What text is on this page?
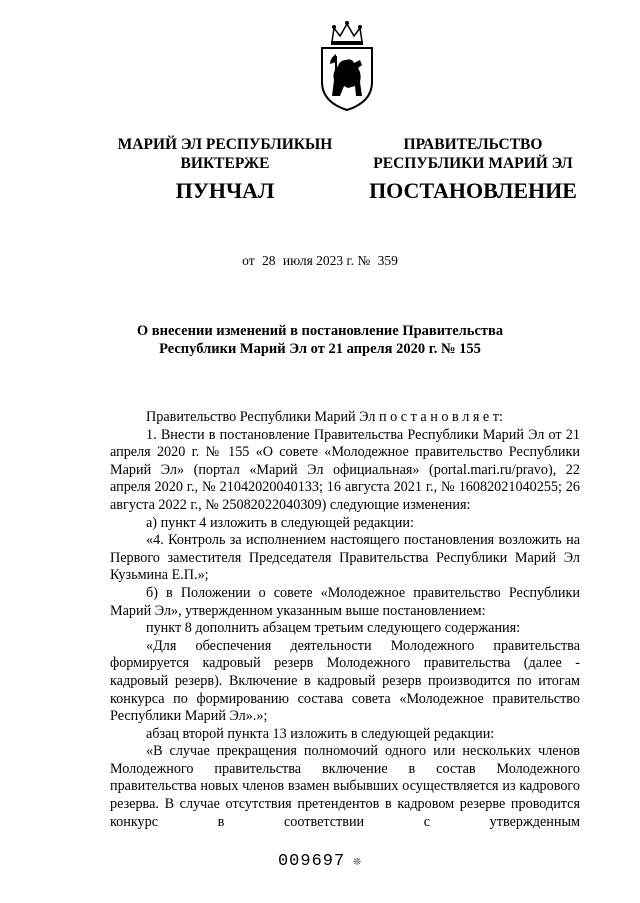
МАРИЙ ЭЛ РЕСПУБЛИКЫН
ВИКТЕРЖЕ
ПУНЧАЛ
ПРАВИТЕЛЬСТВО
РЕСПУБЛИКИ МАРИЙ ЭЛ
ПОСТАНОВЛЕНИЕ
от 28 июля 2023 г. № 359
О внесении изменений в постановление Правительства
Республики Марий Эл от 21 апреля 2020 г. № 155

Правительство Республики Марий Эл п о с т а н о в л я е т:

1. Внести в постановление Правительства Республики Марий Эл от 21 апреля 2020 г. № 155 «О совете «Молодежное правительство Республики Марий Эл» (портал «Марий Эл официальная» (portal.mari.ru/pravo), 22 апреля 2020 г., № 21042020040133; 16 августа 2021 г., № 16082021040255; 26 августа 2022 г., № 25082022040309) следующие изменения:

а) пункт 4 изложить в следующей редакции:

«4. Контроль за исполнением настоящего постановления возложить на Первого заместителя Председателя Правительства Республики Марий Эл Кузьмина Е.П.»;

б) в Положении о совете «Молодежное правительство Республики Марий Эл», утвержденном указанным выше постановлением:

пункт 8 дополнить абзацем третьим следующего содержания:

«Для обеспечения деятельности Молодежного правительства формируется кадровый резерв Молодежного правительства (далее - кадровый резерв). Включение в кадровый резерв производится по итогам конкурса по формированию состава совета «Молодежное правительство Республики Марий Эл».»;

абзац второй пункта 13 изложить в следующей редакции:

«В случае прекращения полномочий одного или нескольких членов Молодежного правительства включение в состав Молодежного правительства новых членов взамен выбывших осуществляется из кадрового резерва. В случае отсутствия претендентов в кадровом резерве проводится конкурс в соответствии с утвержденным

009697 ❊
